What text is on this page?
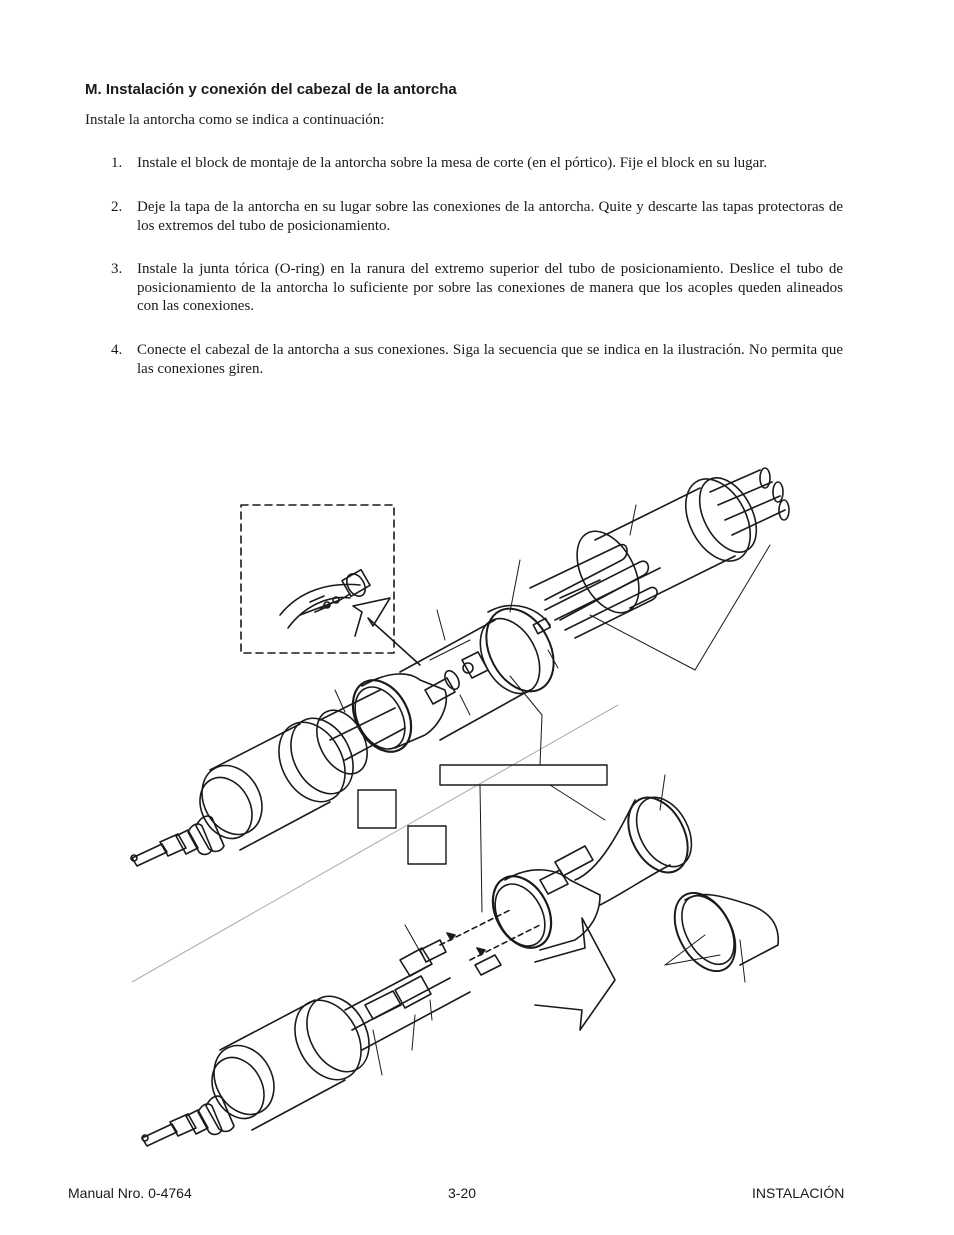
M. Instalación y conexión del cabezal de la antorcha
Instale la antorcha como se indica a continuación:
1. Instale el block de montaje de la antorcha sobre la mesa de corte (en el pórtico). Fije el block en su lugar.
2. Deje la tapa de la antorcha en su lugar sobre las conexiones de la antorcha. Quite y descarte las tapas protectoras de los extremos del tubo de posicionamiento.
3. Instale la junta tórica (O-ring) en la ranura del extremo superior del tubo de posicionamiento. Deslice el tubo de posicionamiento de la antorcha lo suficiente por sobre las conexiones de manera que los acoples queden alineados con las conexiones.
4. Conecte el cabezal de la antorcha a sus conexiones. Siga la secuencia que se indica en la ilustración. No permita que las conexiones giren.
Manual Nro. 0-4764	3-20	INSTALACIÓN
